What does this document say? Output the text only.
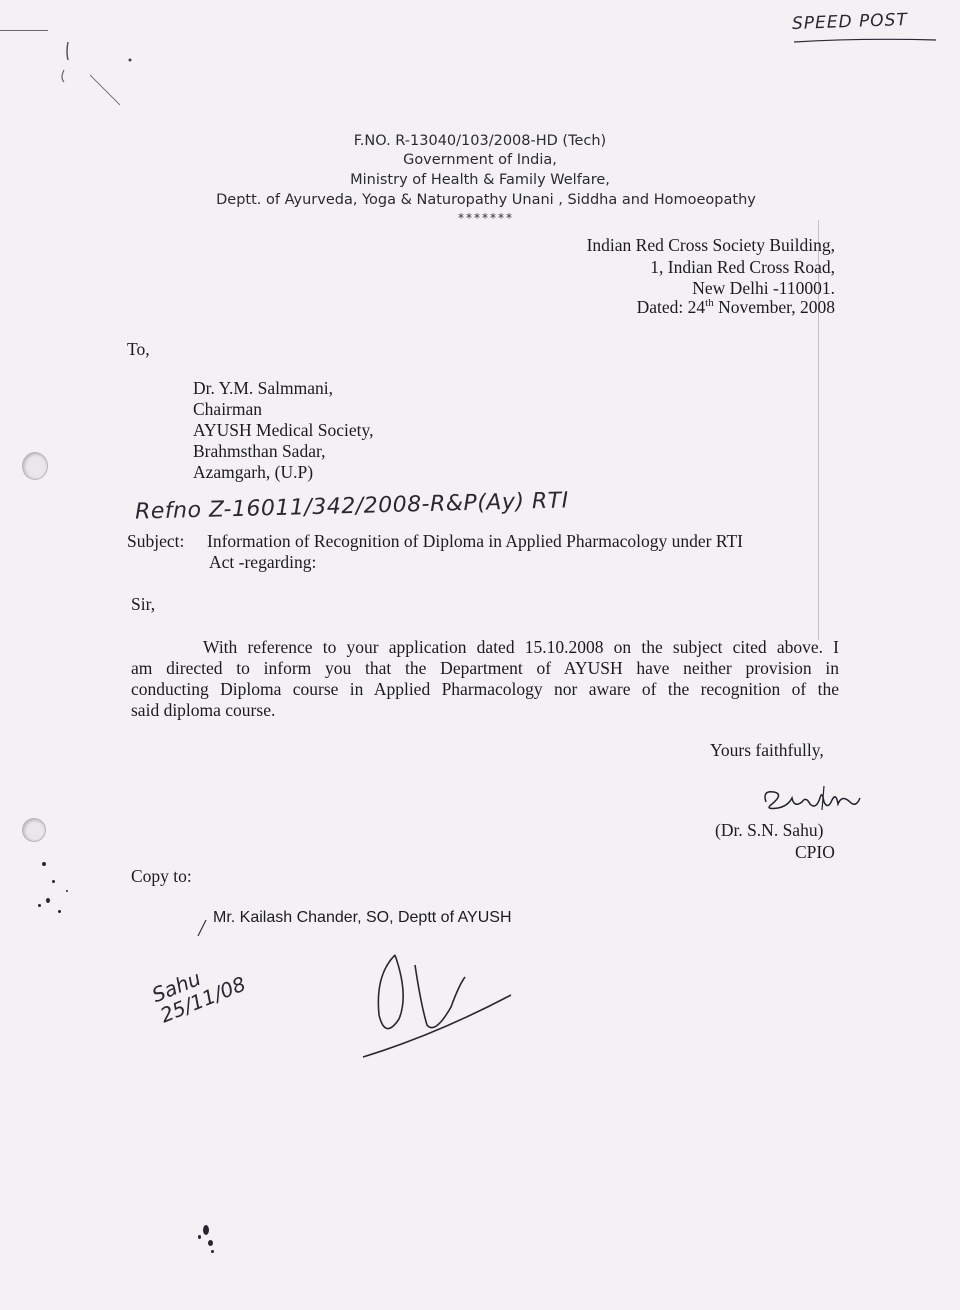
SPEED POST
F.NO. R-13040/103/2008-HD (Tech)
Government of India,
Ministry of Health & Family Welfare,
Deptt. of Ayurveda, Yoga & Naturopathy Unani , Siddha and Homoeopathy
*******
Indian Red Cross Society Building,
1, Indian Red Cross Road,
New Delhi -110001.
Dated: 24th November, 2008
To,
Dr. Y.M. Salmmani,
Chairman
AYUSH Medical Society,
Brahmsthan Sadar,
Azamgarh, (U.P)
Refno Z-16011/342/2008-R&P(Ay) RTI
Subject: Information of Recognition of Diploma in Applied Pharmacology under RTI
Act -regarding:
Sir,
With reference to your application dated 15.10.2008 on the subject cited above. I
am directed to inform you that the Department of AYUSH have neither provision in
conducting Diploma course in Applied Pharmacology nor aware of the recognition of the
said diploma course.
Yours faithfully,
(Dr. S.N. Sahu)
CPIO
Copy to:
Mr. Kailash Chander, SO, Deptt of AYUSH
Sahu 25/11/08
